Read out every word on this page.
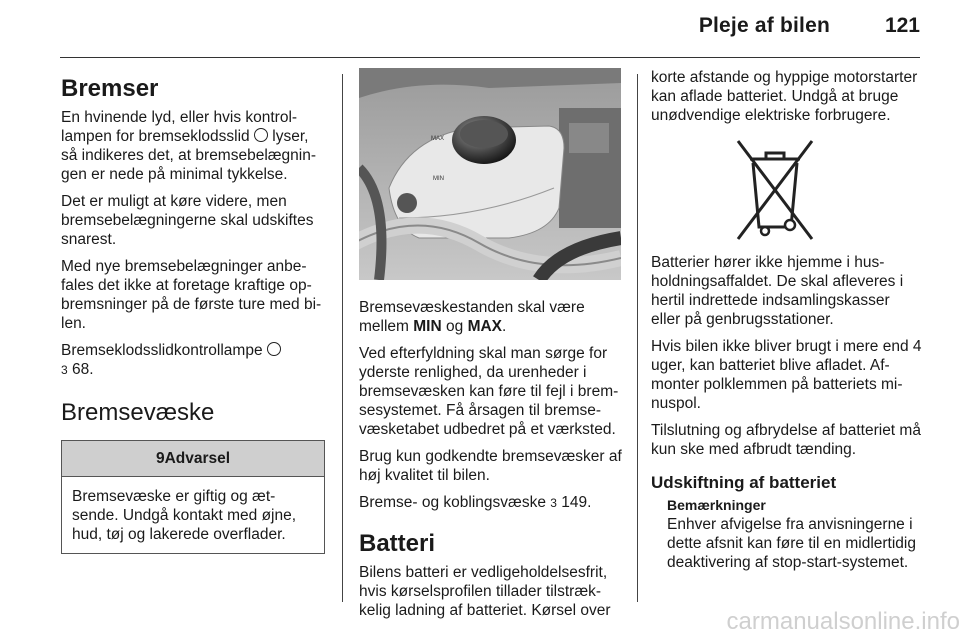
Pleje af bilen	121
Bremser

En hvinende lyd, eller hvis kontrollampen for bremseklodsslid lyser, så indikeres det, at bremsebelægningen er nede på minimal tykkelse.

Det er muligt at køre videre, men bremsebelægningerne skal udskiftes snarest.

Med nye bremsebelægninger anbefales det ikke at foretage kraftige opbremsninger på de første ture med bilen.

Bremseklodsslidkontrollampe
3 68.

Bremsevæske
9Advarsel
Bremsevæske er giftig og ætsende. Undgå kontakt med øjne, hud, tøj og lakerede overflader.
MAX
MIN

Bremsevæskestanden skal være mellem MIN og MAX.

Ved efterfyldning skal man sørge for yderste renlighed, da urenheder i bremsevæsken kan føre til fejl i bremsesystemet. Få årsagen til bremsevæsketabet udbedret på et værksted.

Brug kun godkendte bremsevæsker af høj kvalitet til bilen.

Bremse- og koblingsvæske 3 149.

Batteri

Bilens batteri er vedligeholdelsesfrit, hvis kørselsprofilen tillader tilstrækkelig ladning af batteriet. Kørsel over

korte afstande og hyppige motorstarter kan aflade batteriet. Undgå at bruge unødvendige elektriske forbrugere.

Batterier hører ikke hjemme i husholdningsaffaldet. De skal afleveres i hertil indrettede indsamlingskasser eller på genbrugsstationer.

Hvis bilen ikke bliver brugt i mere end 4 uger, kan batteriet blive afladet. Afmonter polklemmen på batteriets minuspol.

Tilslutning og afbrydelse af batteriet må kun ske med afbrudt tænding.

Udskiftning af batteriet
Bemærkninger
Enhver afvigelse fra anvisningerne i dette afsnit kan føre til en midlertidig deaktivering af stop-start-systemet.
carmanualsonline.info
